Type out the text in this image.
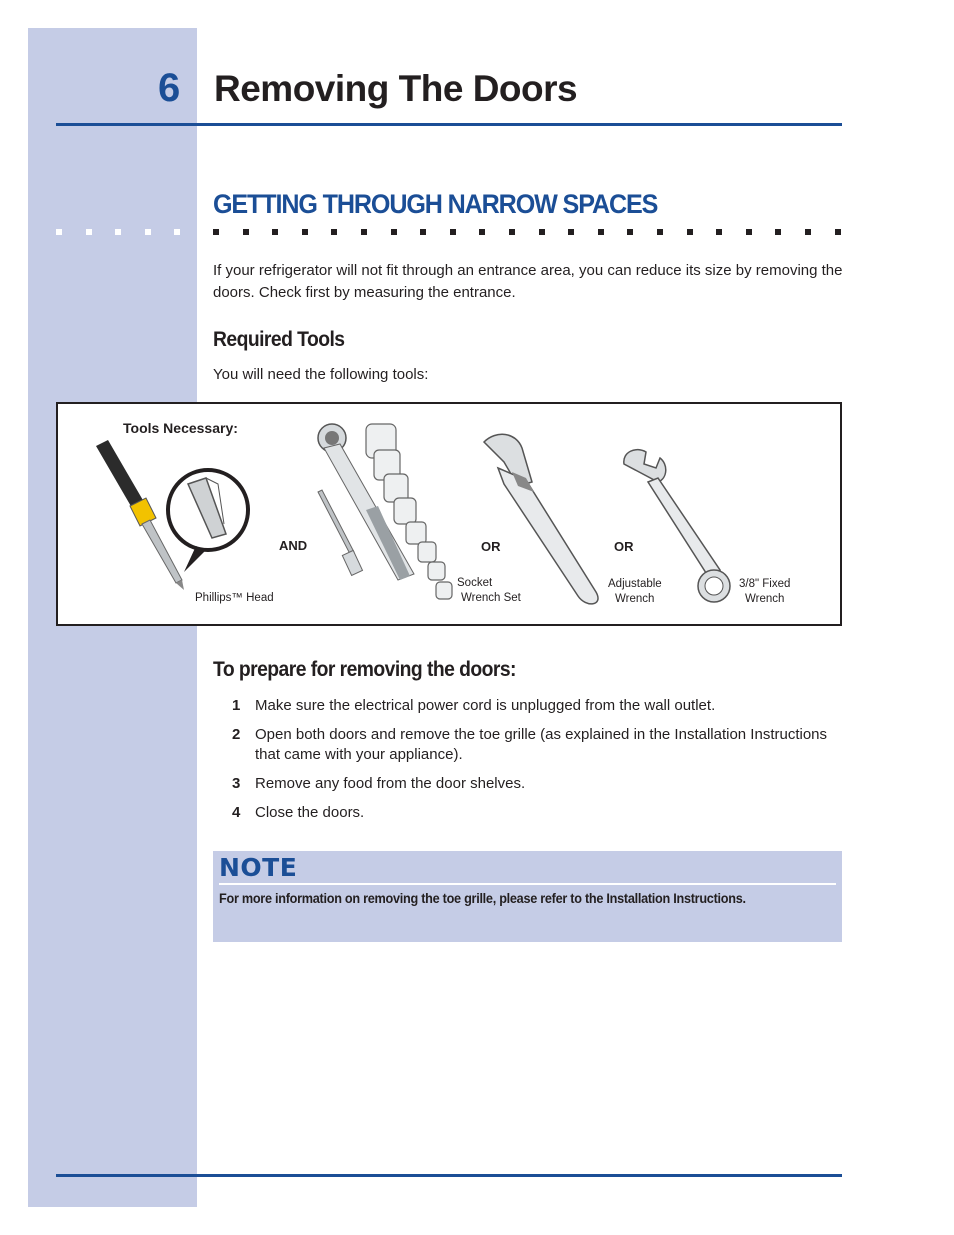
6 Removing The Doors
GETTING THROUGH NARROW SPACES
If your refrigerator will not fit through an entrance area, you can reduce its size by removing the doors. Check first by measuring the entrance.
Required Tools
You will need the following tools:
Tools Necessary:
AND	OR	OR
Phillips™ Head
Socket
Wrench Set
Adjustable
Wrench
3/8" Fixed
Wrench
To prepare for removing the doors:
1 Make sure the electrical power cord is unplugged from the wall outlet.
2 Open both doors and remove the toe grille (as explained in the Installation Instructions that came with your appliance).
3 Remove any food from the door shelves.
4 Close the doors.
NOTE
For more information on removing the toe grille, please refer to the Installation Instructions.
